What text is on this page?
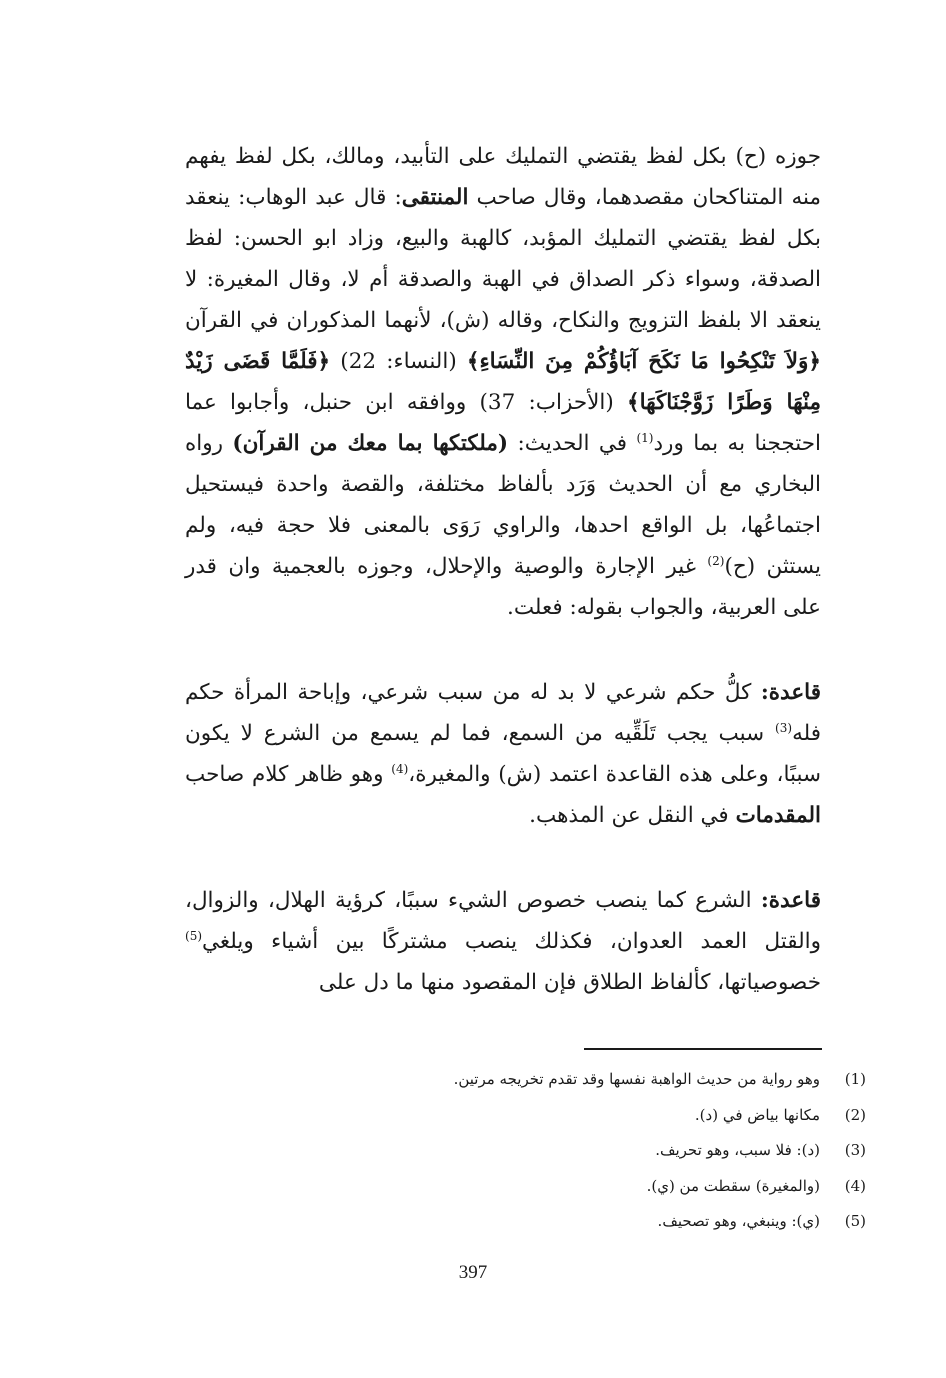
جوزه (ح) بكل لفظ يقتضي التمليك على التأبيد، ومالك، بكل لفظ يفهم منه المتناكحان مقصدهما، وقال صاحب المنتقى: قال عبد الوهاب: ينعقد بكل لفظ يقتضي التمليك المؤبد، كالهبة والبيع، وزاد ابو الحسن: لفظ الصدقة، وسواء ذكر الصداق في الهبة والصدقة أم لا، وقال المغيرة: لا ينعقد الا بلفظ التزويج والنكاح، وقاله (ش)، لأنهما المذكوران في القرآن ﴿وَلاَ تَنْكِحُوا مَا نَكَحَ آبَاؤُكُمْ مِنَ النِّسَاءِ﴾ (النساء: 22) ﴿فَلَمَّا قَضَى زَيْدٌ مِنْهَا وَطَرًا زَوَّجْنَاكَهَا﴾ (الأحزاب: 37) ووافقه ابن حنبل، وأجابوا عما احتججنا به بما ورد$^{(1)}$ في الحديث: (ملكتكها بما معك من القرآن) رواه البخاري مع أن الحديث وَرَد بألفاظ مختلفة، والقصة واحدة فيستحيل اجتماعُها، بل الواقع احدها، والراوي رَوَى بالمعنى فلا حجة فيه، ولم يستثن (ح)$^{(2)}$ غير الإجارة والوصية والإحلال، وجوزه بالعجمية وان قدر على العربية، والجواب بقوله: فعلت.

قاعدة: كلُّ حكم شرعي لا بد له من سبب شرعي، وإباحة المرأة حكم فله$^{(3)}$ سبب يجب تَلَقِّيه من السمع، فما لم يسمع من الشرع لا يكون سببًا، وعلى هذه القاعدة اعتمد (ش) والمغيرة،$^{(4)}$ وهو ظاهر كلام صاحب المقدمات في النقل عن المذهب.

قاعدة: الشرع كما ينصب خصوص الشيء سببًا، كرؤية الهلال، والزوال، والقتل العمد العدوان، فكذلك ينصب مشتركًا بين أشياء ويلغي$^{(5)}$ خصوصياتها، كألفاظ الطلاق فإن المقصود منها ما دل على

(1)
وهو رواية من حديث الواهبة نفسها وقد تقدم تخريجه مرتين.
(2)
مكانها بياض في (د).
(3)
(د): فلا سبب، وهو تحريف.
(4)
(والمغيرة) سقطت من (ي).
(5)
(ي): وينبغي، وهو تصحيف.
397
